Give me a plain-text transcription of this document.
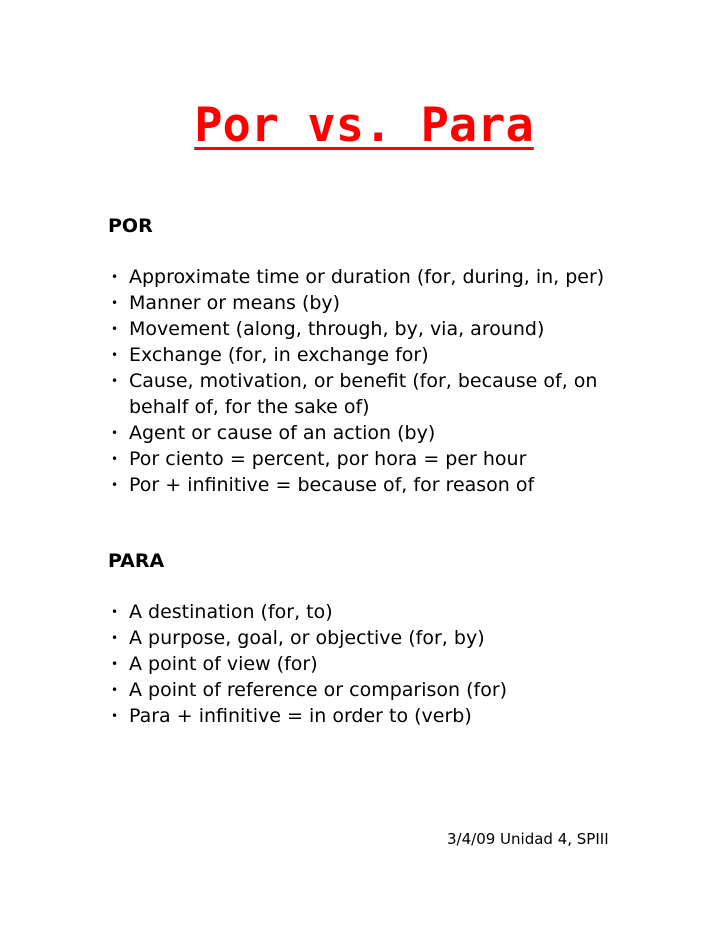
Por vs. Para
POR
• Approximate time or duration (for, during, in, per)
• Manner or means (by)
• Movement (along, through, by, via, around)
• Exchange (for, in exchange for)
• Cause, motivation, or benefit (for, because of, on behalf of, for the sake of)
• Agent or cause of an action (by)
• Por ciento = percent, por hora = per hour
• Por + infinitive = because of, for reason of
PARA
• A destination (for, to)
• A purpose, goal, or objective (for, by)
• A point of view (for)
• A point of reference or comparison (for)
• Para + infinitive = in order to (verb)

3/4/09 Unidad 4, SPIII
